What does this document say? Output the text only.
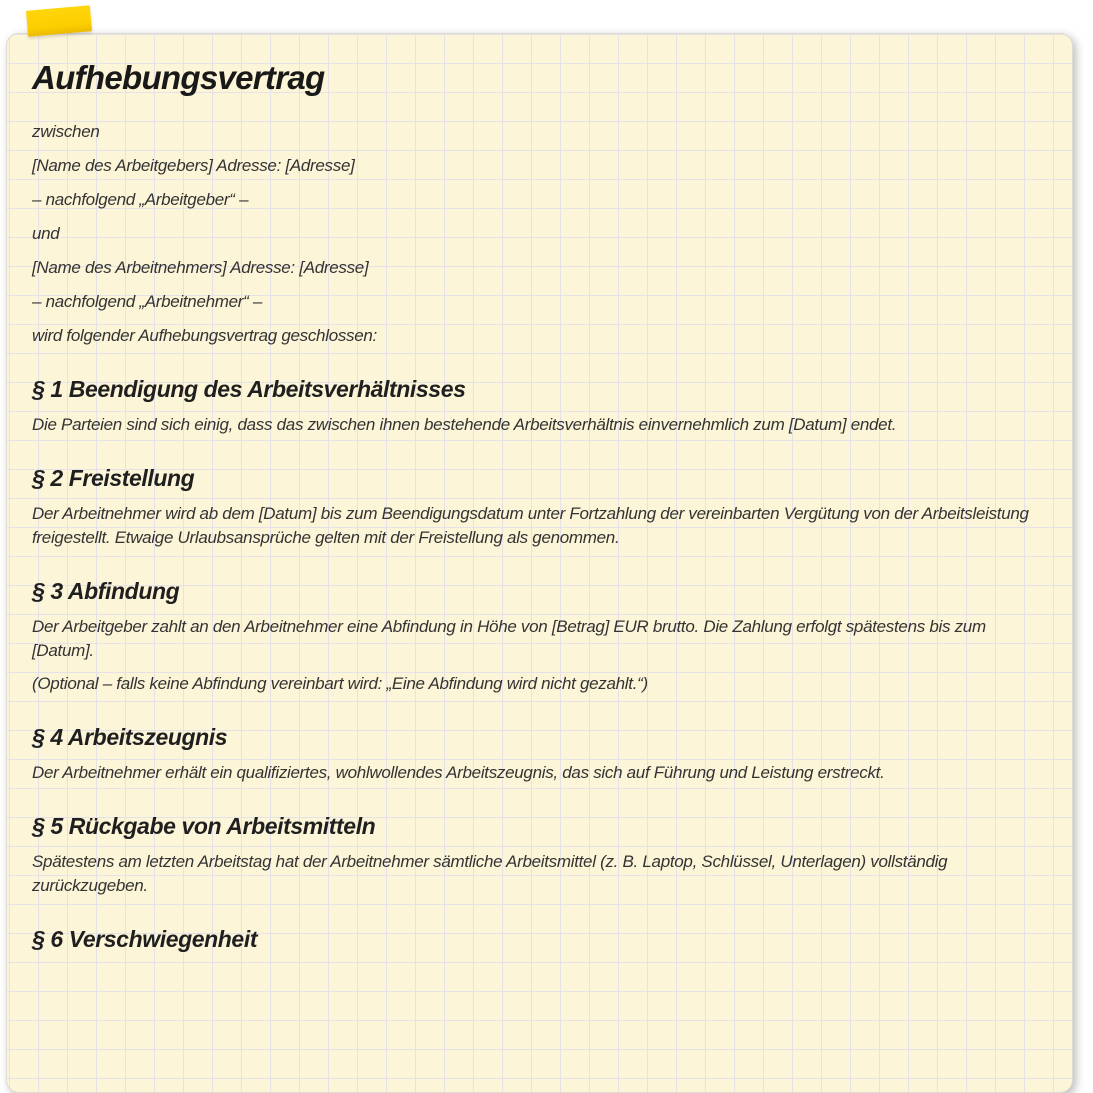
Aufhebungsvertrag

zwischen

[Name des Arbeitgebers] Adresse: [Adresse]

– nachfolgend „Arbeitgeber“ –

und

[Name des Arbeitnehmers] Adresse: [Adresse]

– nachfolgend „Arbeitnehmer“ –

wird folgender Aufhebungsvertrag geschlossen:

§ 1 Beendigung des Arbeitsverhältnisses

Die Parteien sind sich einig, dass das zwischen ihnen bestehende Arbeitsverhältnis einvernehmlich zum [Datum] endet.

§ 2 Freistellung

Der Arbeitnehmer wird ab dem [Datum] bis zum Beendigungsdatum unter Fortzahlung der vereinbarten Vergütung von der Arbeitsleistung freigestellt. Etwaige Urlaubsansprüche gelten mit der Freistellung als genommen.

§ 3 Abfindung

Der Arbeitgeber zahlt an den Arbeitnehmer eine Abfindung in Höhe von [Betrag] EUR brutto. Die Zahlung erfolgt spätestens bis zum [Datum].

(Optional – falls keine Abfindung vereinbart wird: „Eine Abfindung wird nicht gezahlt.“)

§ 4 Arbeitszeugnis

Der Arbeitnehmer erhält ein qualifiziertes, wohlwollendes Arbeitszeugnis, das sich auf Führung und Leistung erstreckt.

§ 5 Rückgabe von Arbeitsmitteln

Spätestens am letzten Arbeitstag hat der Arbeitnehmer sämtliche Arbeitsmittel (z. B. Laptop, Schlüssel, Unterlagen) vollständig zurückzugeben.

§ 6 Verschwiegenheit
